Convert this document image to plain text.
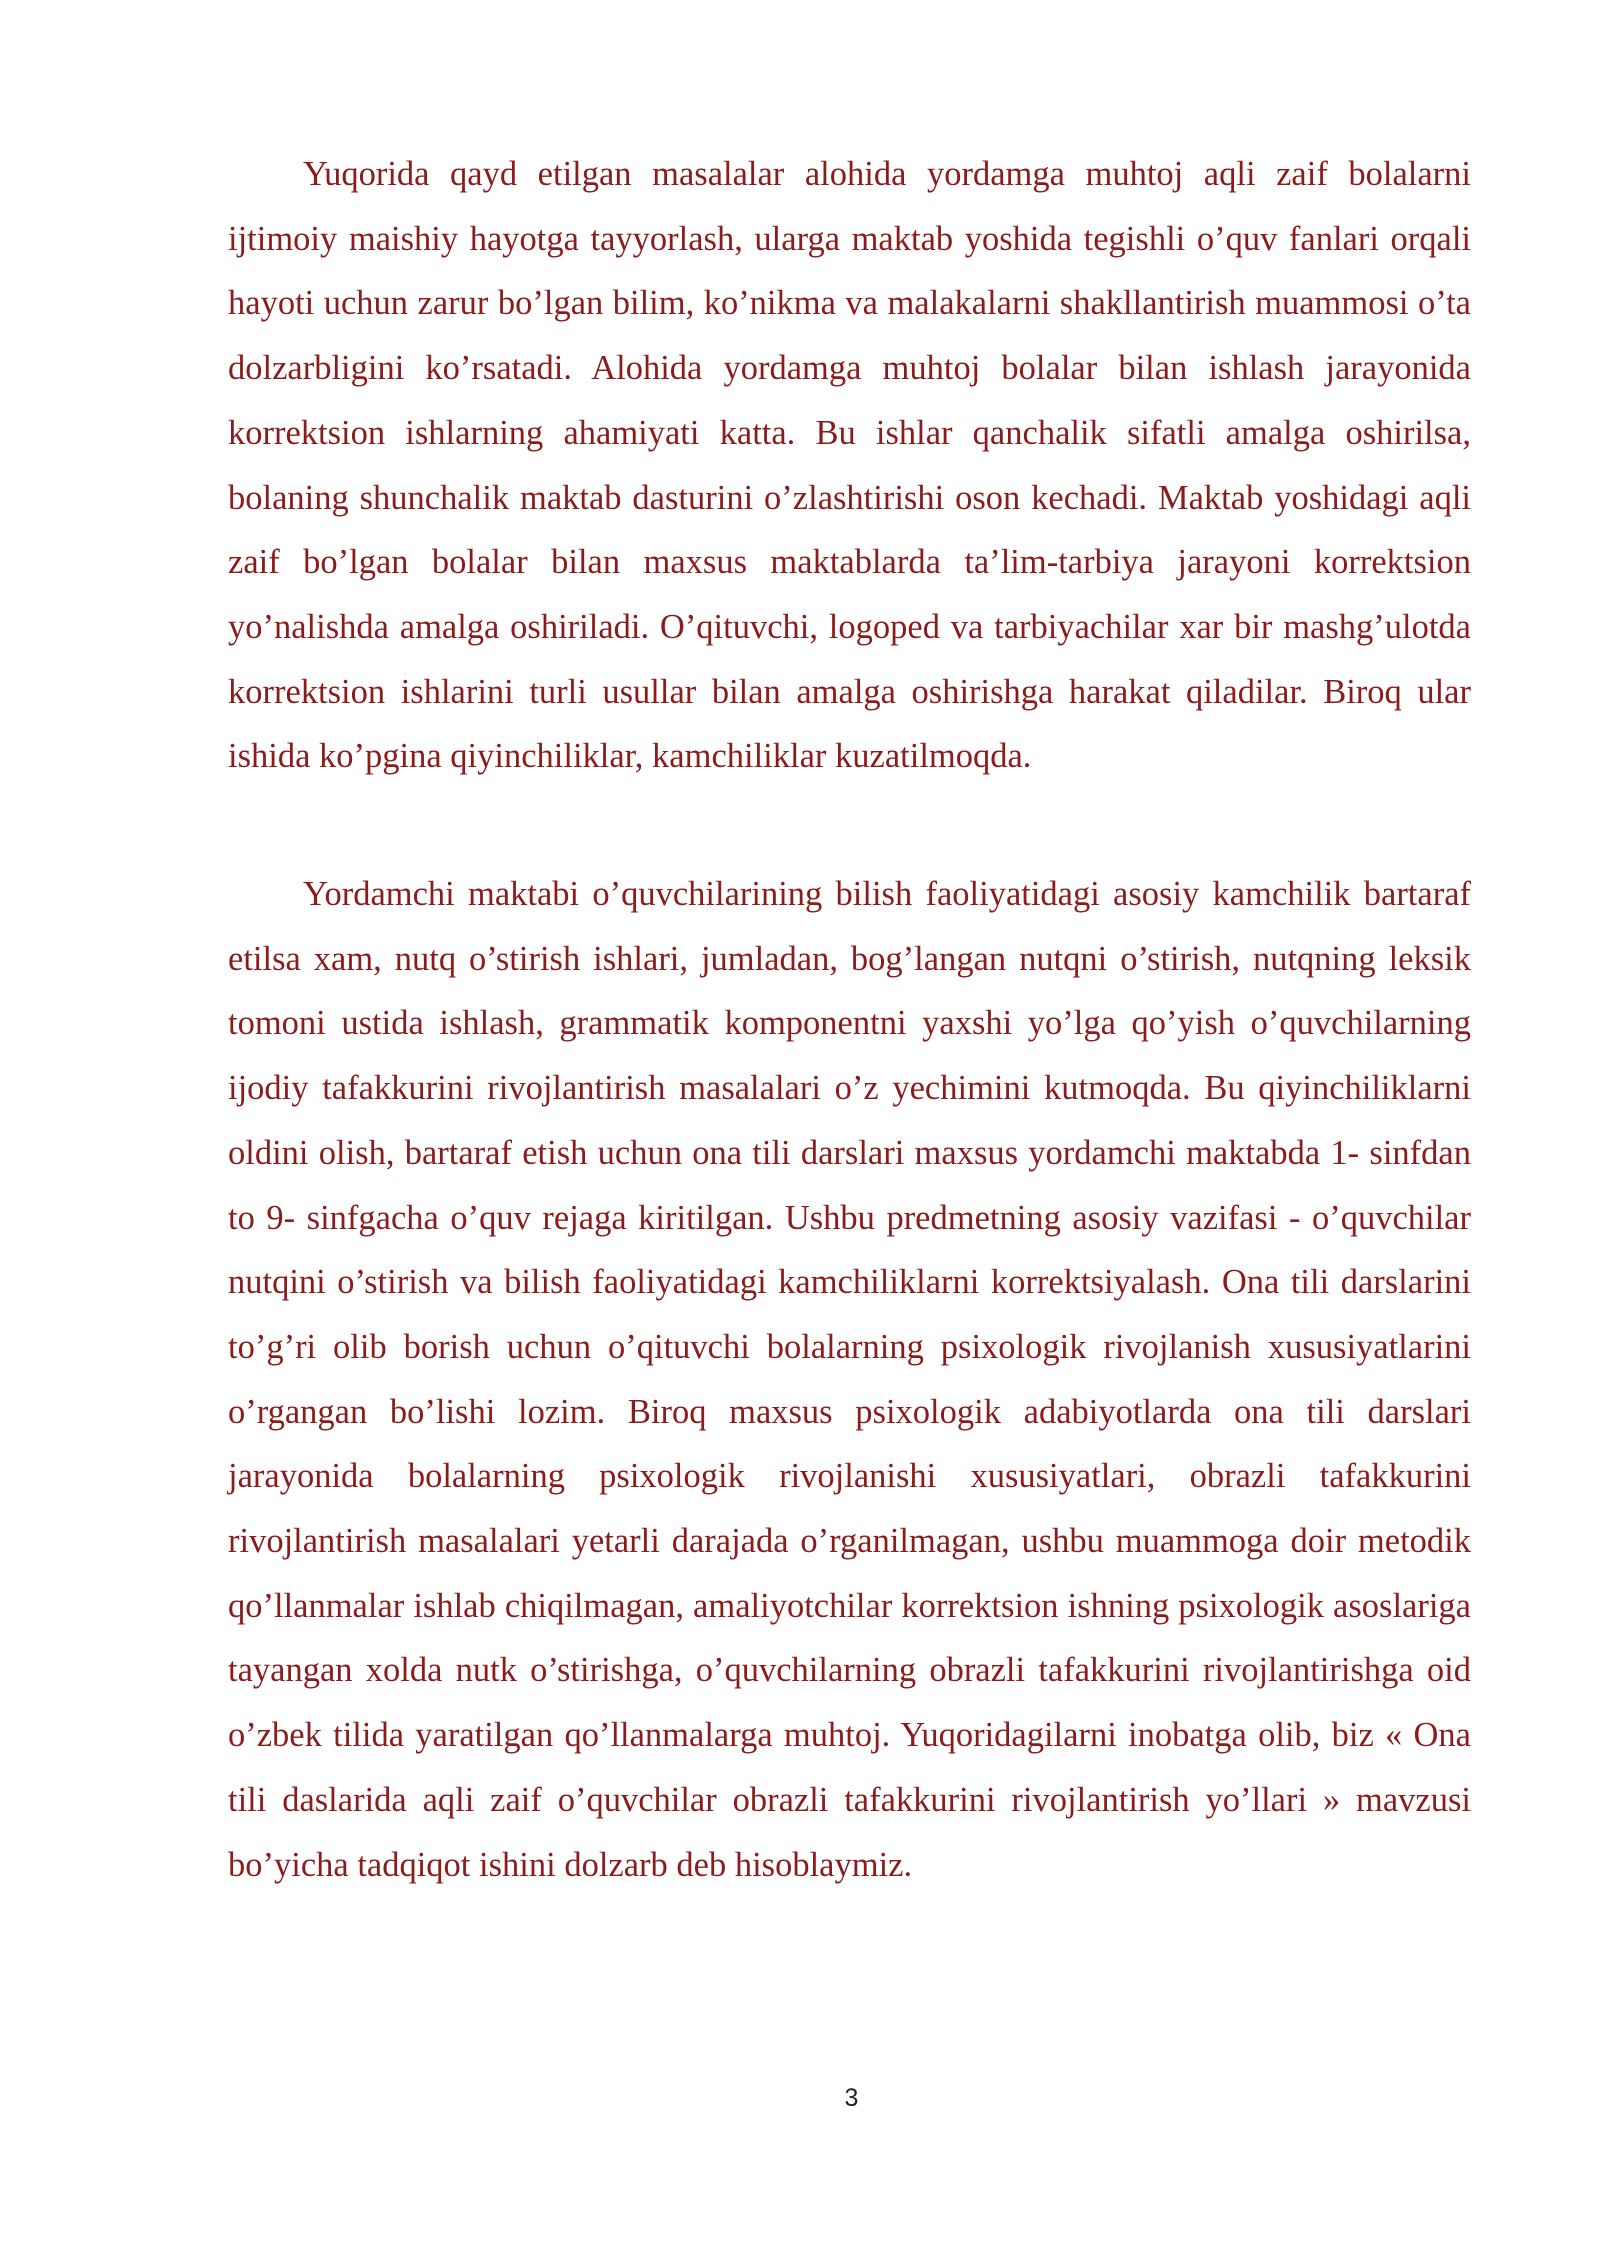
Yuqorida qayd etilgan masalalar alohida yordamga muhtoj aqli zaif bolalarni ijtimoiy maishiy hayotga tayyorlash, ularga maktab yoshida tegishli o’quv fanlari orqali hayoti uchun zarur bo’lgan bilim, ko’nikma va malakalarni shakllantirish muammosi o’ta dolzarbligini ko’rsatadi. Alohida yordamga muhtoj bolalar bilan ishlash jarayonida korrektsion ishlarning ahamiyati katta. Bu ishlar qanchalik sifatli amalga oshirilsa, bolaning shunchalik maktab dasturini o’zlashtirishi oson kechadi. Maktab yoshidagi aqli zaif bo’lgan bolalar bilan maxsus maktablarda ta’lim-tarbiya jarayoni korrektsion yo’nalishda amalga oshiriladi. O’qituvchi, logoped va tarbiyachilar xar bir mashg’ulotda korrektsion ishlarini turli usullar bilan amalga oshirishga harakat qiladilar. Biroq ular ishida ko’pgina qiyinchiliklar, kamchiliklar kuzatilmoqda.

Yordamchi maktabi o’quvchilarining bilish faoliyatidagi asosiy kamchilik bartaraf etilsa xam, nutq o’stirish ishlari, jumladan, bog’langan nutqni o’stirish, nutqning leksik tomoni ustida ishlash, grammatik komponentni yaxshi yo’lga qo’yish o’quvchilarning ijodiy tafakkurini rivojlantirish masalalari o’z yechimini kutmoqda. Bu qiyinchiliklarni oldini olish, bartaraf etish uchun ona tili darslari maxsus yordamchi maktabda 1- sinfdan to 9- sinfgacha o’quv rejaga kiritilgan. Ushbu predmetning asosiy vazifasi - o’quvchilar nutqini o’stirish va bilish faoliyatidagi kamchiliklarni korrektsiyalash. Ona tili darslarini to’g’ri olib borish uchun o’qituvchi bolalarning psixologik rivojlanish xususiyatlarini o’rgangan bo’lishi lozim. Biroq maxsus psixologik adabiyotlarda ona tili darslari jarayonida bolalarning psixologik rivojlanishi xususiyatlari, obrazli tafakkurini rivojlantirish masalalari yetarli darajada o’rganilmagan, ushbu muammoga doir metodik qo’llanmalar ishlab chiqilmagan, amaliyotchilar korrektsion ishning psixologik asoslariga tayangan xolda nutk o’stirishga, o’quvchilarning obrazli tafakkurini rivojlantirishga oid o’zbek tilida yaratilgan qo’llanmalarga muhtoj. Yuqoridagilarni inobatga olib, biz « Ona tili daslarida aqli zaif o’quvchilar obrazli tafakkurini rivojlantirish yo’llari » mavzusi bo’yicha tadqiqot ishini dolzarb deb hisoblaymiz.

3
